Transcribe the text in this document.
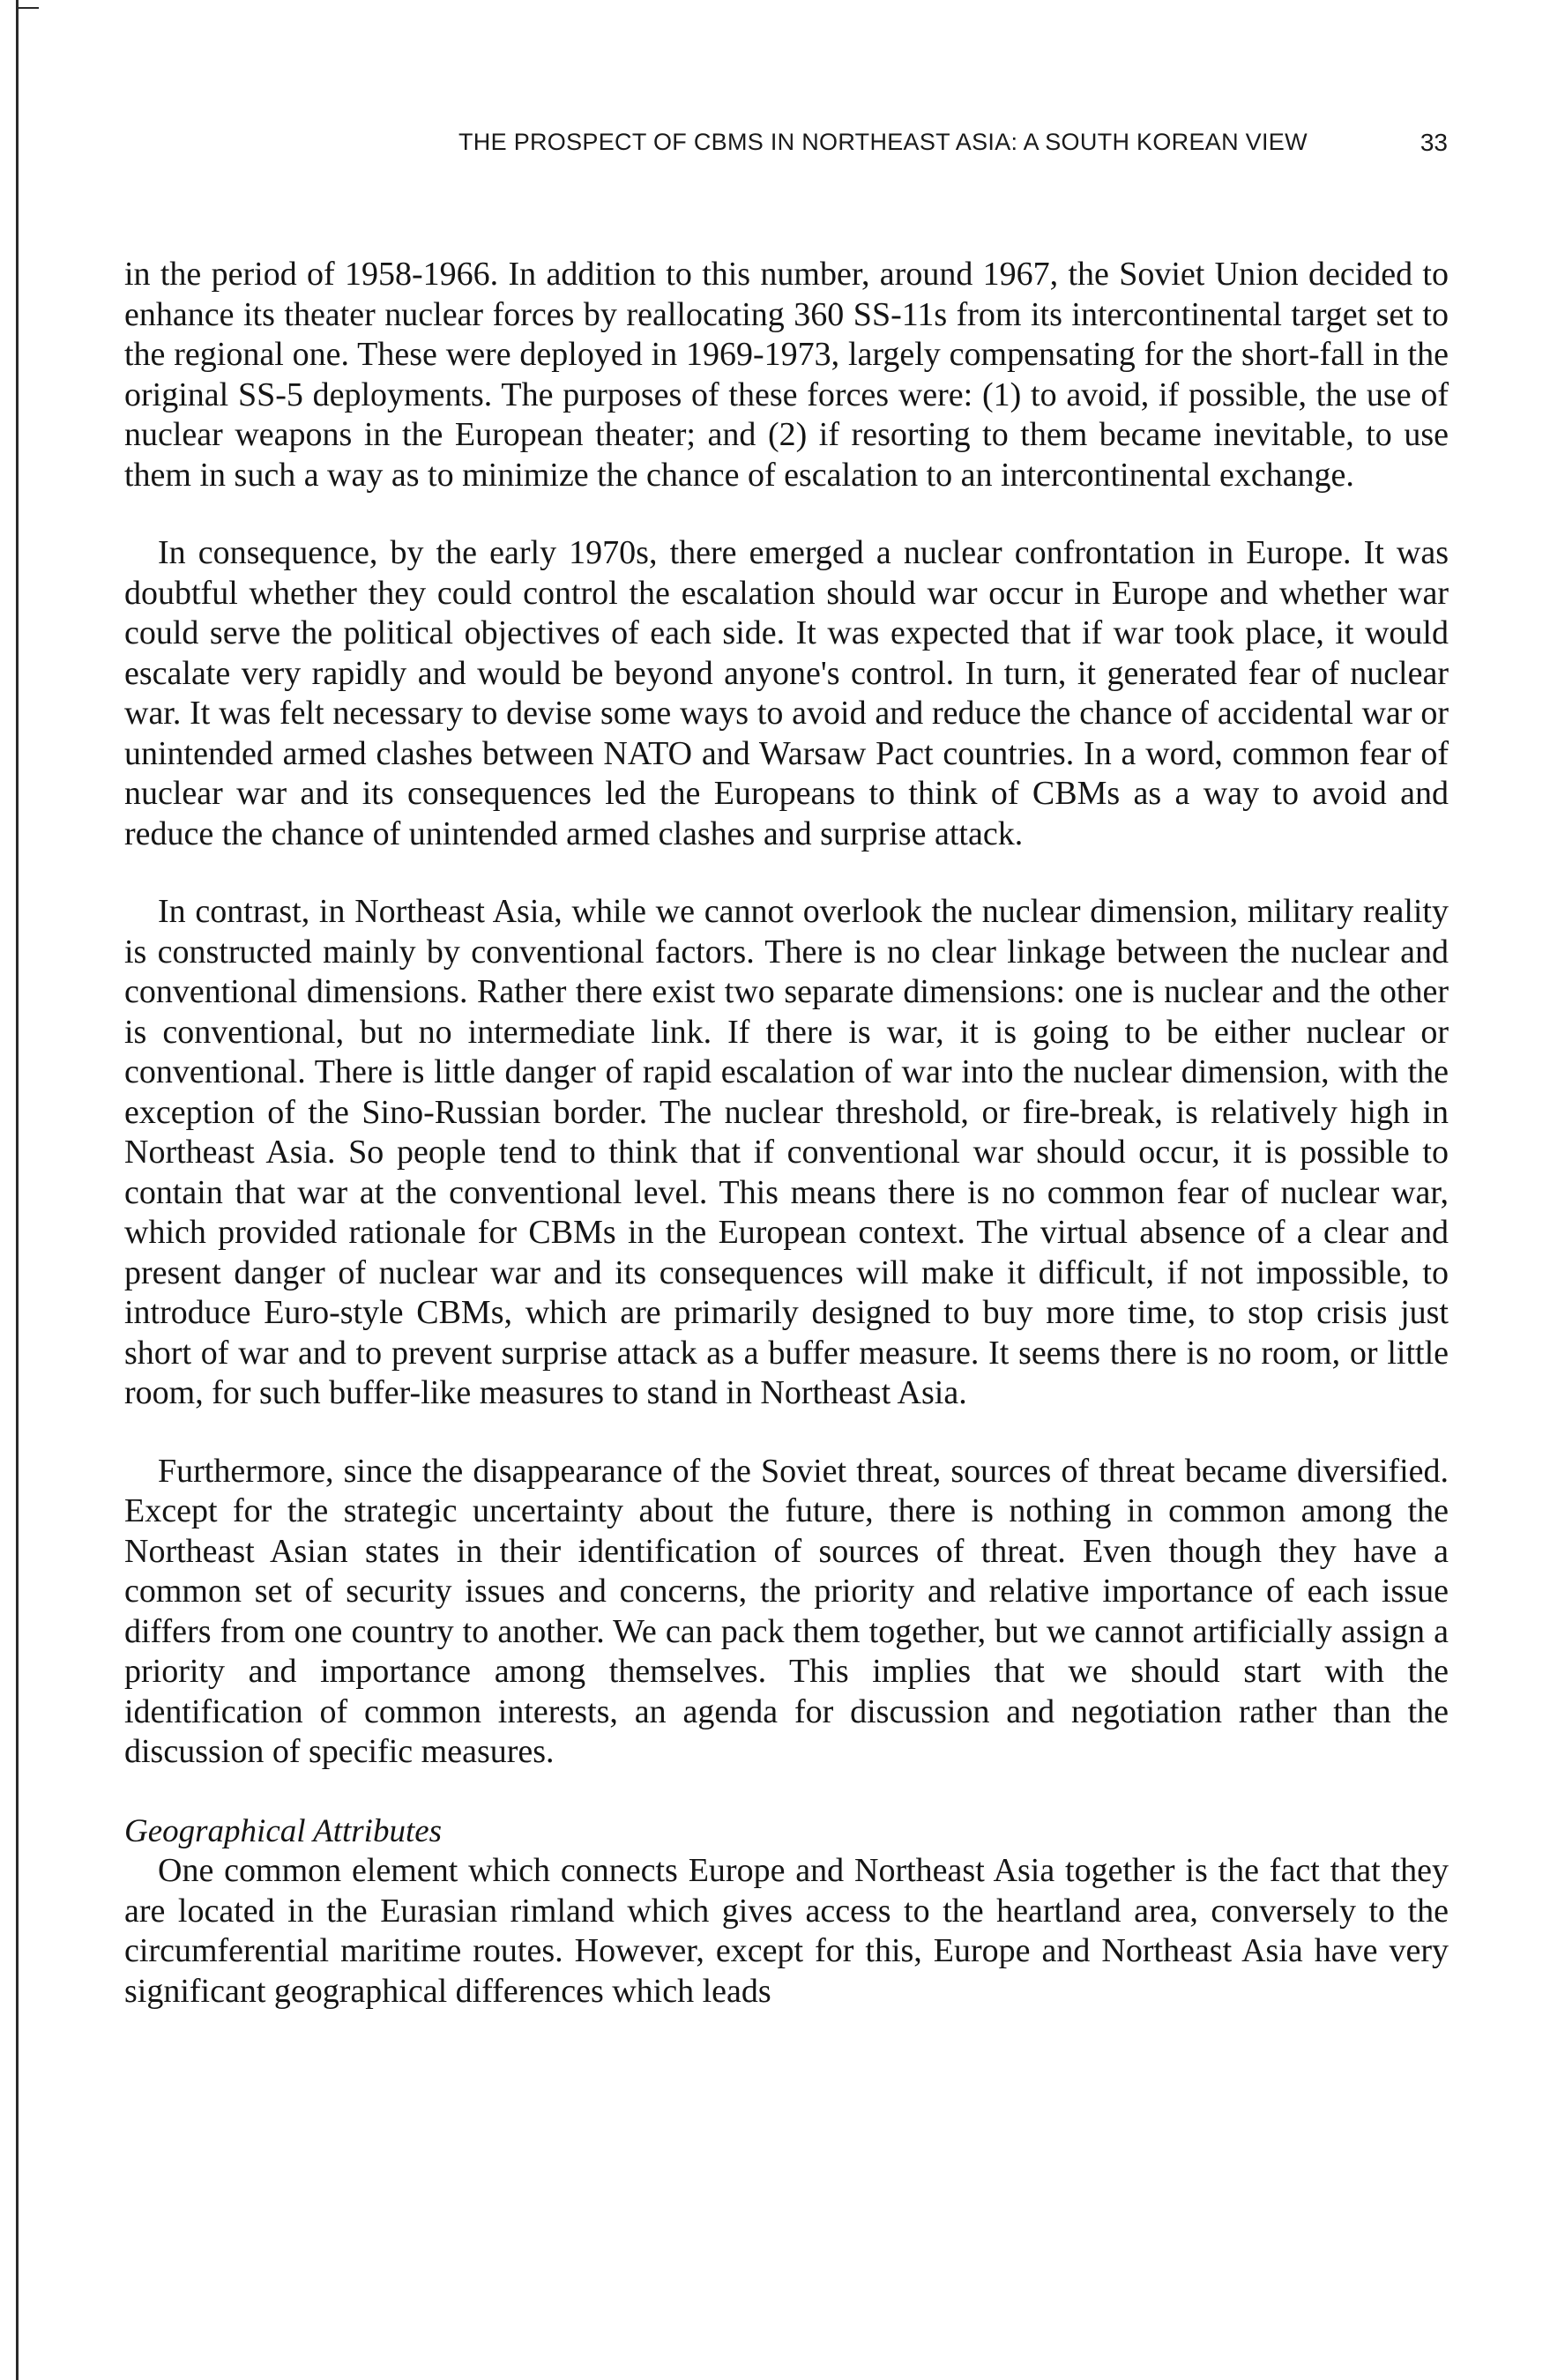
THE PROSPECT OF CBMS IN NORTHEAST ASIA: A SOUTH KOREAN VIEW	33

in the period of 1958-1966. In addition to this number, around 1967, the Soviet Union decided to enhance its theater nuclear forces by reallocating 360 SS-11s from its intercontinental target set to the regional one. These were deployed in 1969-1973, largely compensating for the short-fall in the original SS-5 deployments. The purposes of these forces were: (1) to avoid, if possible, the use of nuclear weapons in the European theater; and (2) if resorting to them became inevitable, to use them in such a way as to minimize the chance of escalation to an intercontinental exchange.

In consequence, by the early 1970s, there emerged a nuclear confrontation in Europe. It was doubtful whether they could control the escalation should war occur in Europe and whether war could serve the political objectives of each side. It was expected that if war took place, it would escalate very rapidly and would be beyond anyone's control. In turn, it generated fear of nuclear war. It was felt necessary to devise some ways to avoid and reduce the chance of accidental war or unintended armed clashes between NATO and Warsaw Pact countries. In a word, common fear of nuclear war and its consequences led the Europeans to think of CBMs as a way to avoid and reduce the chance of unintended armed clashes and surprise attack.

In contrast, in Northeast Asia, while we cannot overlook the nuclear dimension, military reality is constructed mainly by conventional factors. There is no clear linkage between the nuclear and conventional dimensions. Rather there exist two separate dimensions: one is nuclear and the other is conventional, but no intermediate link. If there is war, it is going to be either nuclear or conventional. There is little danger of rapid escalation of war into the nuclear dimension, with the exception of the Sino-Russian border. The nuclear threshold, or fire-break, is relatively high in Northeast Asia. So people tend to think that if conventional war should occur, it is possible to contain that war at the conventional level. This means there is no common fear of nuclear war, which provided rationale for CBMs in the European context. The virtual absence of a clear and present danger of nuclear war and its consequences will make it difficult, if not impossible, to introduce Euro-style CBMs, which are primarily designed to buy more time, to stop crisis just short of war and to prevent surprise attack as a buffer measure. It seems there is no room, or little room, for such buffer-like measures to stand in Northeast Asia.

Furthermore, since the disappearance of the Soviet threat, sources of threat became diversified. Except for the strategic uncertainty about the future, there is nothing in common among the Northeast Asian states in their identification of sources of threat. Even though they have a common set of security issues and concerns, the priority and relative importance of each issue differs from one country to another. We can pack them together, but we cannot artificially assign a priority and importance among themselves. This implies that we should start with the identification of common interests, an agenda for discussion and negotiation rather than the discussion of specific measures.

Geographical Attributes

One common element which connects Europe and Northeast Asia together is the fact that they are located in the Eurasian rimland which gives access to the heartland area, conversely to the circumferential maritime routes. However, except for this, Europe and Northeast Asia have very significant geographical differences which leads
